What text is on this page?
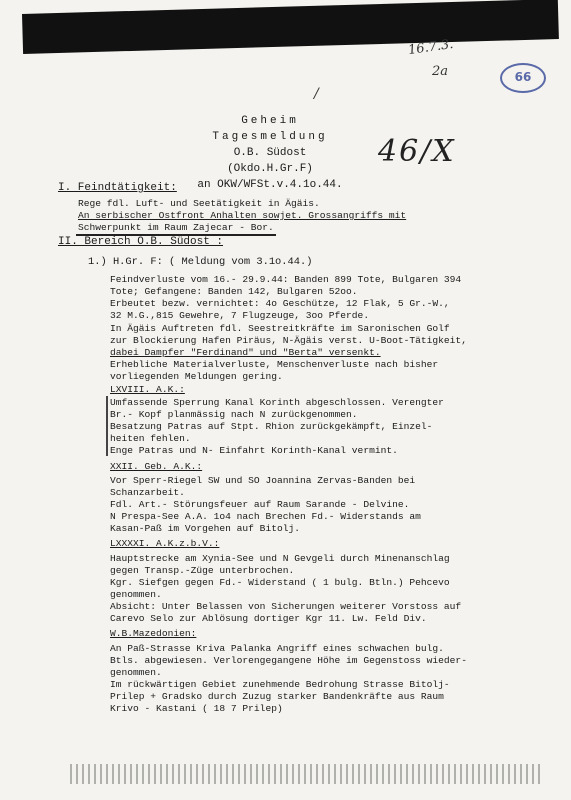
16.7.3.
2a	66
/
46/X
Geheim
Tagesmeldung
O.B. Südost
(Okdo.H.Gr.F)
an OKW/WFSt.v.4.1o.44.
I. Feindtätigkeit:
Rege fdl. Luft- und Seetätigkeit in Ägäis.
An serbischer Ostfront Anhalten sowjet. Grossangriffs mit
Schwerpunkt im Raum Zajecar - Bor.
II. Bereich O.B. Südost :
1.) H.Gr. F: ( Meldung vom 3.1o.44.)
Feindverluste vom 16.- 29.9.44: Banden 899 Tote, Bulgaren 394
Tote; Gefangene: Banden 142, Bulgaren 52oo.
Erbeutet bezw. vernichtet: 4o Geschütze, 12 Flak, 5 Gr.-W.,
32 M.G.,815 Gewehre, 7 Flugzeuge, 3oo Pferde.
In Ägäis Auftreten fdl. Seestreitkräfte im Saronischen Golf
zur Blockierung Hafen Piräus, N-Ägäis verst. U-Boot-Tätigkeit,
dabei Dampfer "Ferdinand" und "Berta" versenkt.
Erhebliche Materialverluste, Menschenverluste nach bisher
vorliegenden Meldungen gering.
LXVIII. A.K.:
Umfassende Sperrung Kanal Korinth abgeschlossen. Verengter
Br.- Kopf planmässig nach N zurückgenommen.
Besatzung Patras auf Stpt. Rhion zurückgekämpft, Einzel-
heiten fehlen.
Enge Patras und N- Einfahrt Korinth-Kanal vermint.
XXII. Geb. A.K.:
Vor Sperr-Riegel SW und SO Joannina Zervas-Banden bei
Schanzarbeit.
Fdl. Art.- Störungsfeuer auf Raum Sarande - Delvine.
N Prespa-See A.A. 1o4 nach Brechen Fd.- Widerstands am
Kasan-Paß im Vorgehen auf Bitolj.
LXXXXI. A.K.z.b.V.:
Hauptstrecke am Xynia-See und N Gevgeli durch Minenanschlag
gegen Transp.-Züge unterbrochen.
Kgr. Siefgen gegen Fd.- Widerstand ( 1 bulg. Btln.) Pehcevo
genommen.
Absicht: Unter Belassen von Sicherungen weiterer Vorstoss auf
Carevo Selo zur Ablösung dortiger Kgr 11. Lw. Feld Div.
W.B.Mazedonien:
An Paß-Strasse Kriva Palanka Angriff eines schwachen bulg.
Btls. abgewiesen. Verlorengegangene Höhe im Gegenstoss wieder-
genommen.
Im rückwärtigen Gebiet zunehmende Bedrohung Strasse Bitolj-
Prilep + Gradsko durch Zuzug starker Bandenkräfte aus Raum
Krivo - Kastani ( 18 7 Prilep)
